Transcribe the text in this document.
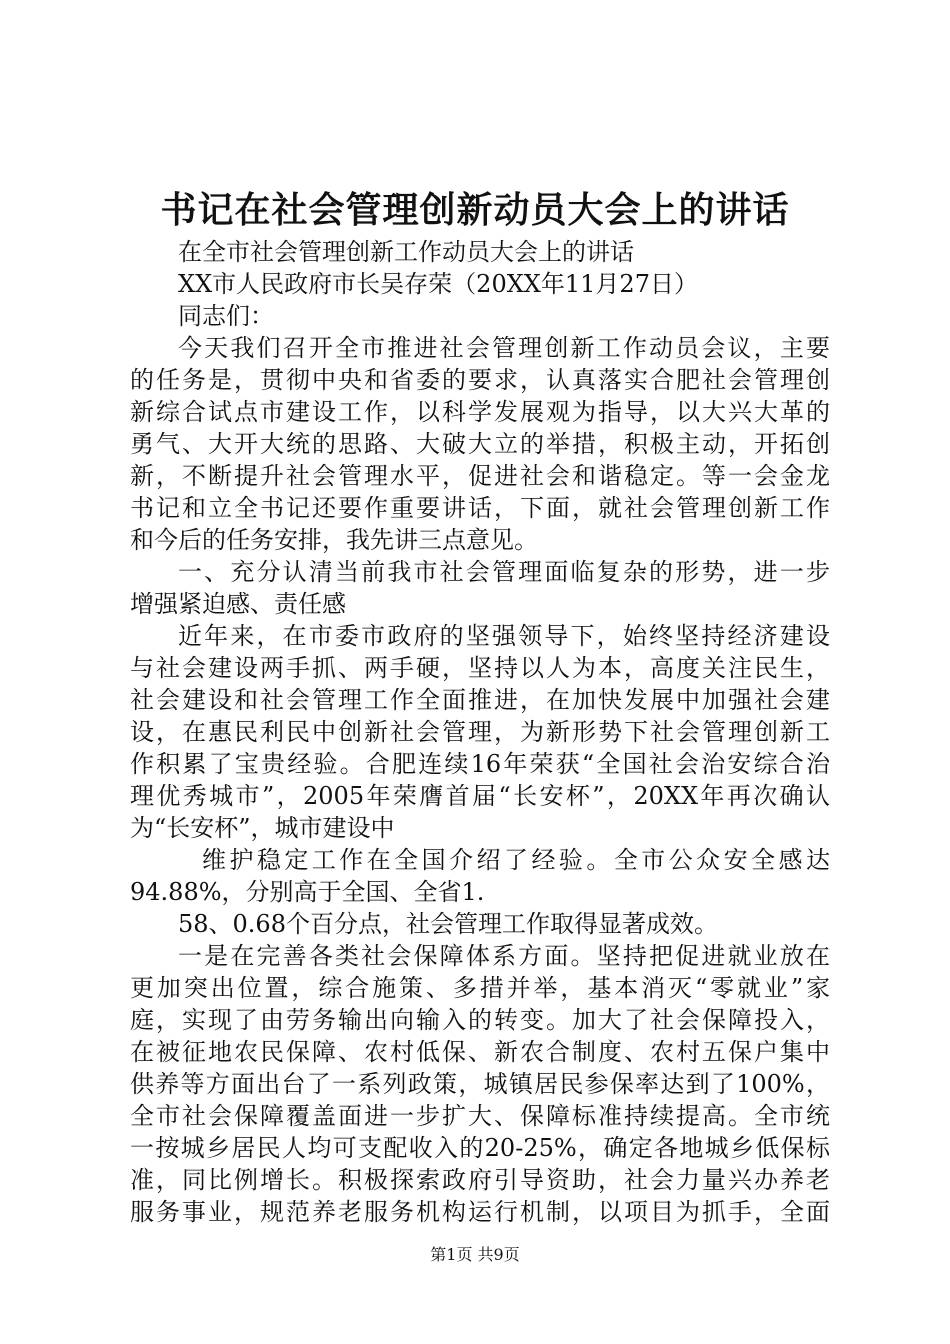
书记在社会管理创新动员大会上的讲话
在全市社会管理创新工作动员大会上的讲话
XX市人民政府市长吴存荣（20XX年11月27日）
同志们：
今天我们召开全市推进社会管理创新工作动员会议，主要
的任务是，贯彻中央和省委的要求，认真落实合肥社会管理创
新综合试点市建设工作，以科学发展观为指导，以大兴大革的
勇气、大开大统的思路、大破大立的举措，积极主动，开拓创
新，不断提升社会管理水平，促进社会和谐稳定。等一会金龙
书记和立全书记还要作重要讲话，下面，就社会管理创新工作
和今后的任务安排，我先讲三点意见。
一、充分认清当前我市社会管理面临复杂的形势，进一步
增强紧迫感、责任感
近年来，在市委市政府的坚强领导下，始终坚持经济建设
与社会建设两手抓、两手硬，坚持以人为本，高度关注民生，
社会建设和社会管理工作全面推进，在加快发展中加强社会建
设，在惠民利民中创新社会管理，为新形势下社会管理创新工
作积累了宝贵经验。合肥连续16年荣获“全国社会治安综合治
理优秀城市”，2005年荣膺首届“长安杯”，20XX年再次确认
为“长安杯”，城市建设中
维护稳定工作在全国介绍了经验。全市公众安全感达
94.88%，分别高于全国、全省1.
58、0.68个百分点，社会管理工作取得显著成效。
一是在完善各类社会保障体系方面。坚持把促进就业放在
更加突出位置，综合施策、多措并举，基本消灭“零就业”家
庭，实现了由劳务输出向输入的转变。加大了社会保障投入，
在被征地农民保障、农村低保、新农合制度、农村五保户集中
供养等方面出台了一系列政策，城镇居民参保率达到了100%，
全市社会保障覆盖面进一步扩大、保障标准持续提高。全市统
一按城乡居民人均可支配收入的20-25%，确定各地城乡低保标
准，同比例增长。积极探索政府引导资助，社会力量兴办养老
服务事业，规范养老服务机构运行机制，以项目为抓手，全面
第1页 共9页
